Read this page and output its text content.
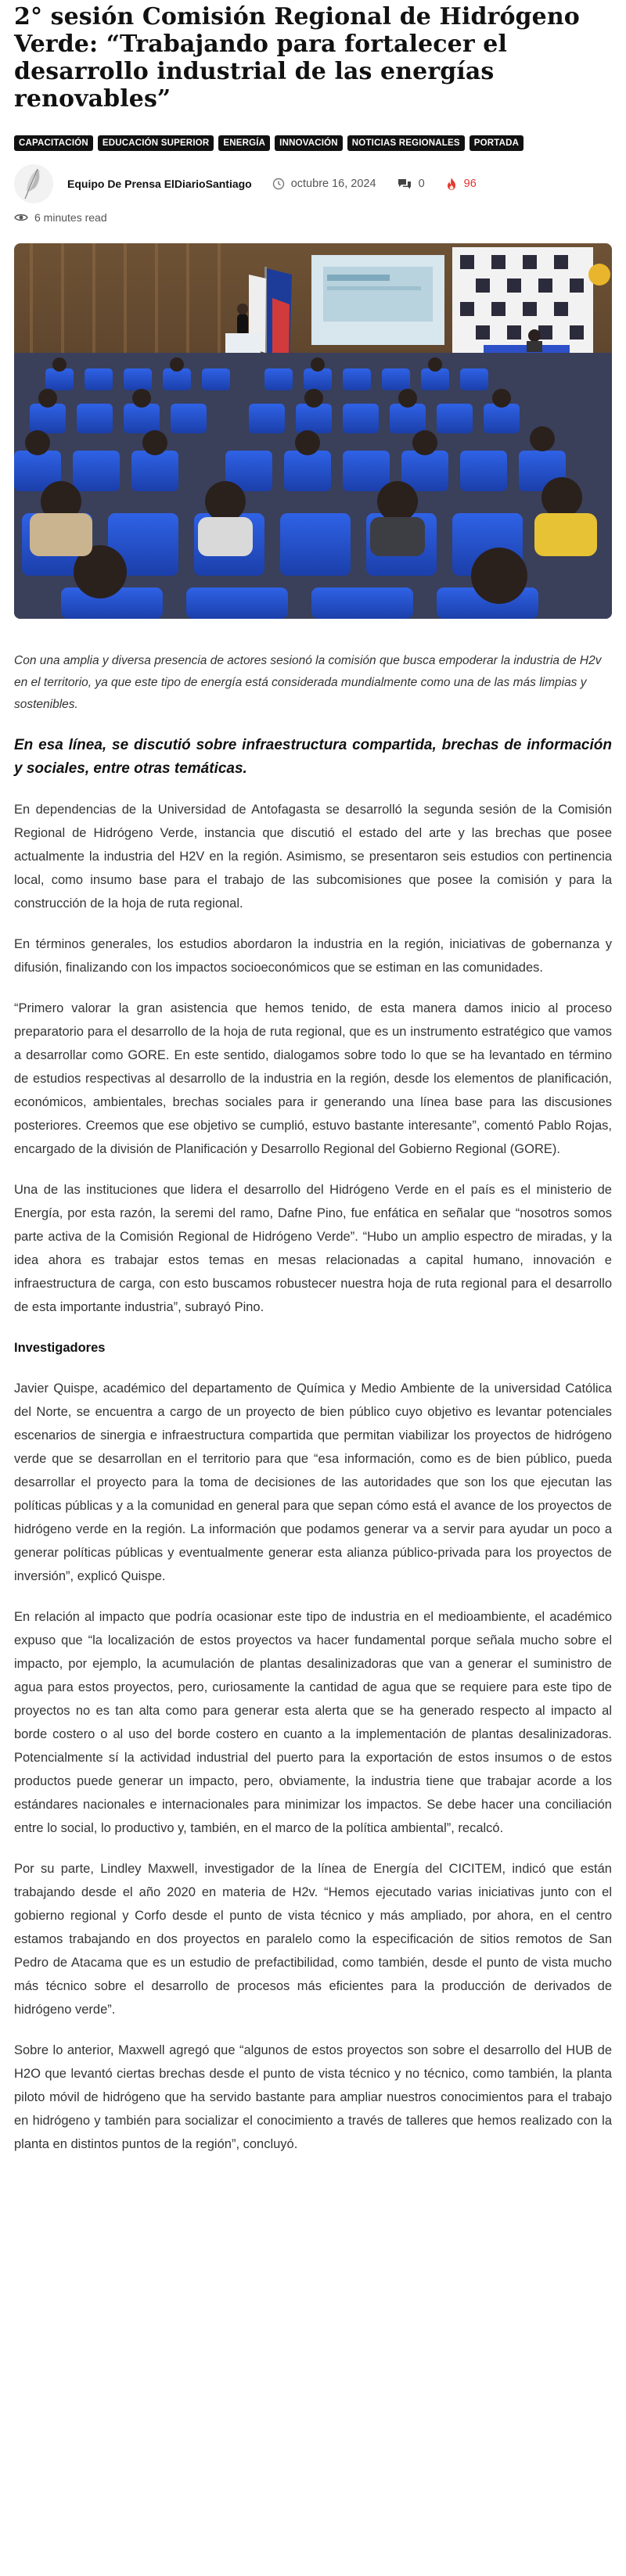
2° sesión Comisión Regional de Hidrógeno Verde: “Trabajando para fortalecer el desarrollo industrial de las energías renovables”
CAPACITACIÓN	EDUCACIÓN SUPERIOR	ENERGÍA	INNOVACIÓN	NOTICIAS REGIONALES	PORTADA
Equipo De Prensa ElDiarioSantiago	octubre 16, 2024	0	96
6 minutes read
Con una amplia y diversa presencia de actores sesionó la comisión que busca empoderar la industria de H2v en el territorio, ya que este tipo de energía está considerada mundialmente como una de las más limpias y sostenibles.
En esa línea, se discutió sobre infraestructura compartida, brechas de información y sociales, entre otras temáticas.
En dependencias de la Universidad de Antofagasta se desarrolló la segunda sesión de la Comisión Regional de Hidrógeno Verde, instancia que discutió el estado del arte y las brechas que posee actualmente la industria del H2V en la región. Asimismo, se presentaron seis estudios con pertinencia local, como insumo base para el trabajo de las subcomisiones que posee la comisión y para la construcción de la hoja de ruta regional.
En términos generales, los estudios abordaron la industria en la región, iniciativas de gobernanza y difusión, finalizando con los impactos socioeconómicos que se estiman en las comunidades.
“Primero valorar la gran asistencia que hemos tenido, de esta manera damos inicio al proceso preparatorio para el desarrollo de la hoja de ruta regional, que es un instrumento estratégico que vamos a desarrollar como GORE. En este sentido, dialogamos sobre todo lo que se ha levantado en término de estudios respectivas al desarrollo de la industria en la región, desde los elementos de planificación, económicos, ambientales, brechas sociales para ir generando una línea base para las discusiones posteriores. Creemos que ese objetivo se cumplió, estuvo bastante interesante”, comentó Pablo Rojas, encargado de la división de Planificación y Desarrollo Regional del Gobierno Regional (GORE).
Una de las instituciones que lidera el desarrollo del Hidrógeno Verde en el país es el ministerio de Energía, por esta razón, la seremi del ramo, Dafne Pino, fue enfática en señalar que “nosotros somos parte activa de la Comisión Regional de Hidrógeno Verde”. “Hubo un amplio espectro de miradas, y la idea ahora es trabajar estos temas en mesas relacionadas a capital humano, innovación e infraestructura de carga, con esto buscamos robustecer nuestra hoja de ruta regional para el desarrollo de esta importante industria”, subrayó Pino.
Investigadores
Javier Quispe, académico del departamento de Química y Medio Ambiente de la universidad Católica del Norte, se encuentra a cargo de un proyecto de bien público cuyo objetivo es levantar potenciales escenarios de sinergia e infraestructura compartida que permitan viabilizar los proyectos de hidrógeno verde que se desarrollan en el territorio para que “esa información, como es de bien público, pueda desarrollar el proyecto para la toma de decisiones de las autoridades que son los que ejecutan las políticas públicas y a la comunidad en general para que sepan cómo está el avance de los proyectos de hidrógeno verde en la región. La información que podamos generar va a servir para ayudar un poco a generar políticas públicas y eventualmente generar esta alianza público-privada para los proyectos de inversión”, explicó Quispe.
En relación al impacto que podría ocasionar este tipo de industria en el medioambiente, el académico expuso que “la localización de estos proyectos va hacer fundamental porque señala mucho sobre el impacto, por ejemplo, la acumulación de plantas desalinizadoras que van a generar el suministro de agua para estos proyectos, pero, curiosamente la cantidad de agua que se requiere para este tipo de proyectos no es tan alta como para generar esta alerta que se ha generado respecto al impacto al borde costero o al uso del borde costero en cuanto a la implementación de plantas desalinizadoras. Potencialmente sí la actividad industrial del puerto para la exportación de estos insumos o de estos productos puede generar un impacto, pero, obviamente, la industria tiene que trabajar acorde a los estándares nacionales e internacionales para minimizar los impactos. Se debe hacer una conciliación entre lo social, lo productivo y, también, en el marco de la política ambiental”, recalcó.
Por su parte, Lindley Maxwell, investigador de la línea de Energía del CICITEM, indicó que están trabajando desde el año 2020 en materia de H2v. “Hemos ejecutado varias iniciativas junto con el gobierno regional y Corfo desde el punto de vista técnico y más ampliado, por ahora, en el centro estamos trabajando en dos proyectos en paralelo como la especificación de sitios remotos de San Pedro de Atacama que es un estudio de prefactibilidad, como también, desde el punto de vista mucho más técnico sobre el desarrollo de procesos más eficientes para la producción de derivados de hidrógeno verde”.
Sobre lo anterior, Maxwell agregó que “algunos de estos proyectos son sobre el desarrollo del HUB de H2O que levantó ciertas brechas desde el punto de vista técnico y no técnico, como también, la planta piloto móvil de hidrógeno que ha servido bastante para ampliar nuestros conocimientos para el trabajo en hidrógeno y también para socializar el conocimiento a través de talleres que hemos realizado con la planta en distintos puntos de la región”, concluyó.
